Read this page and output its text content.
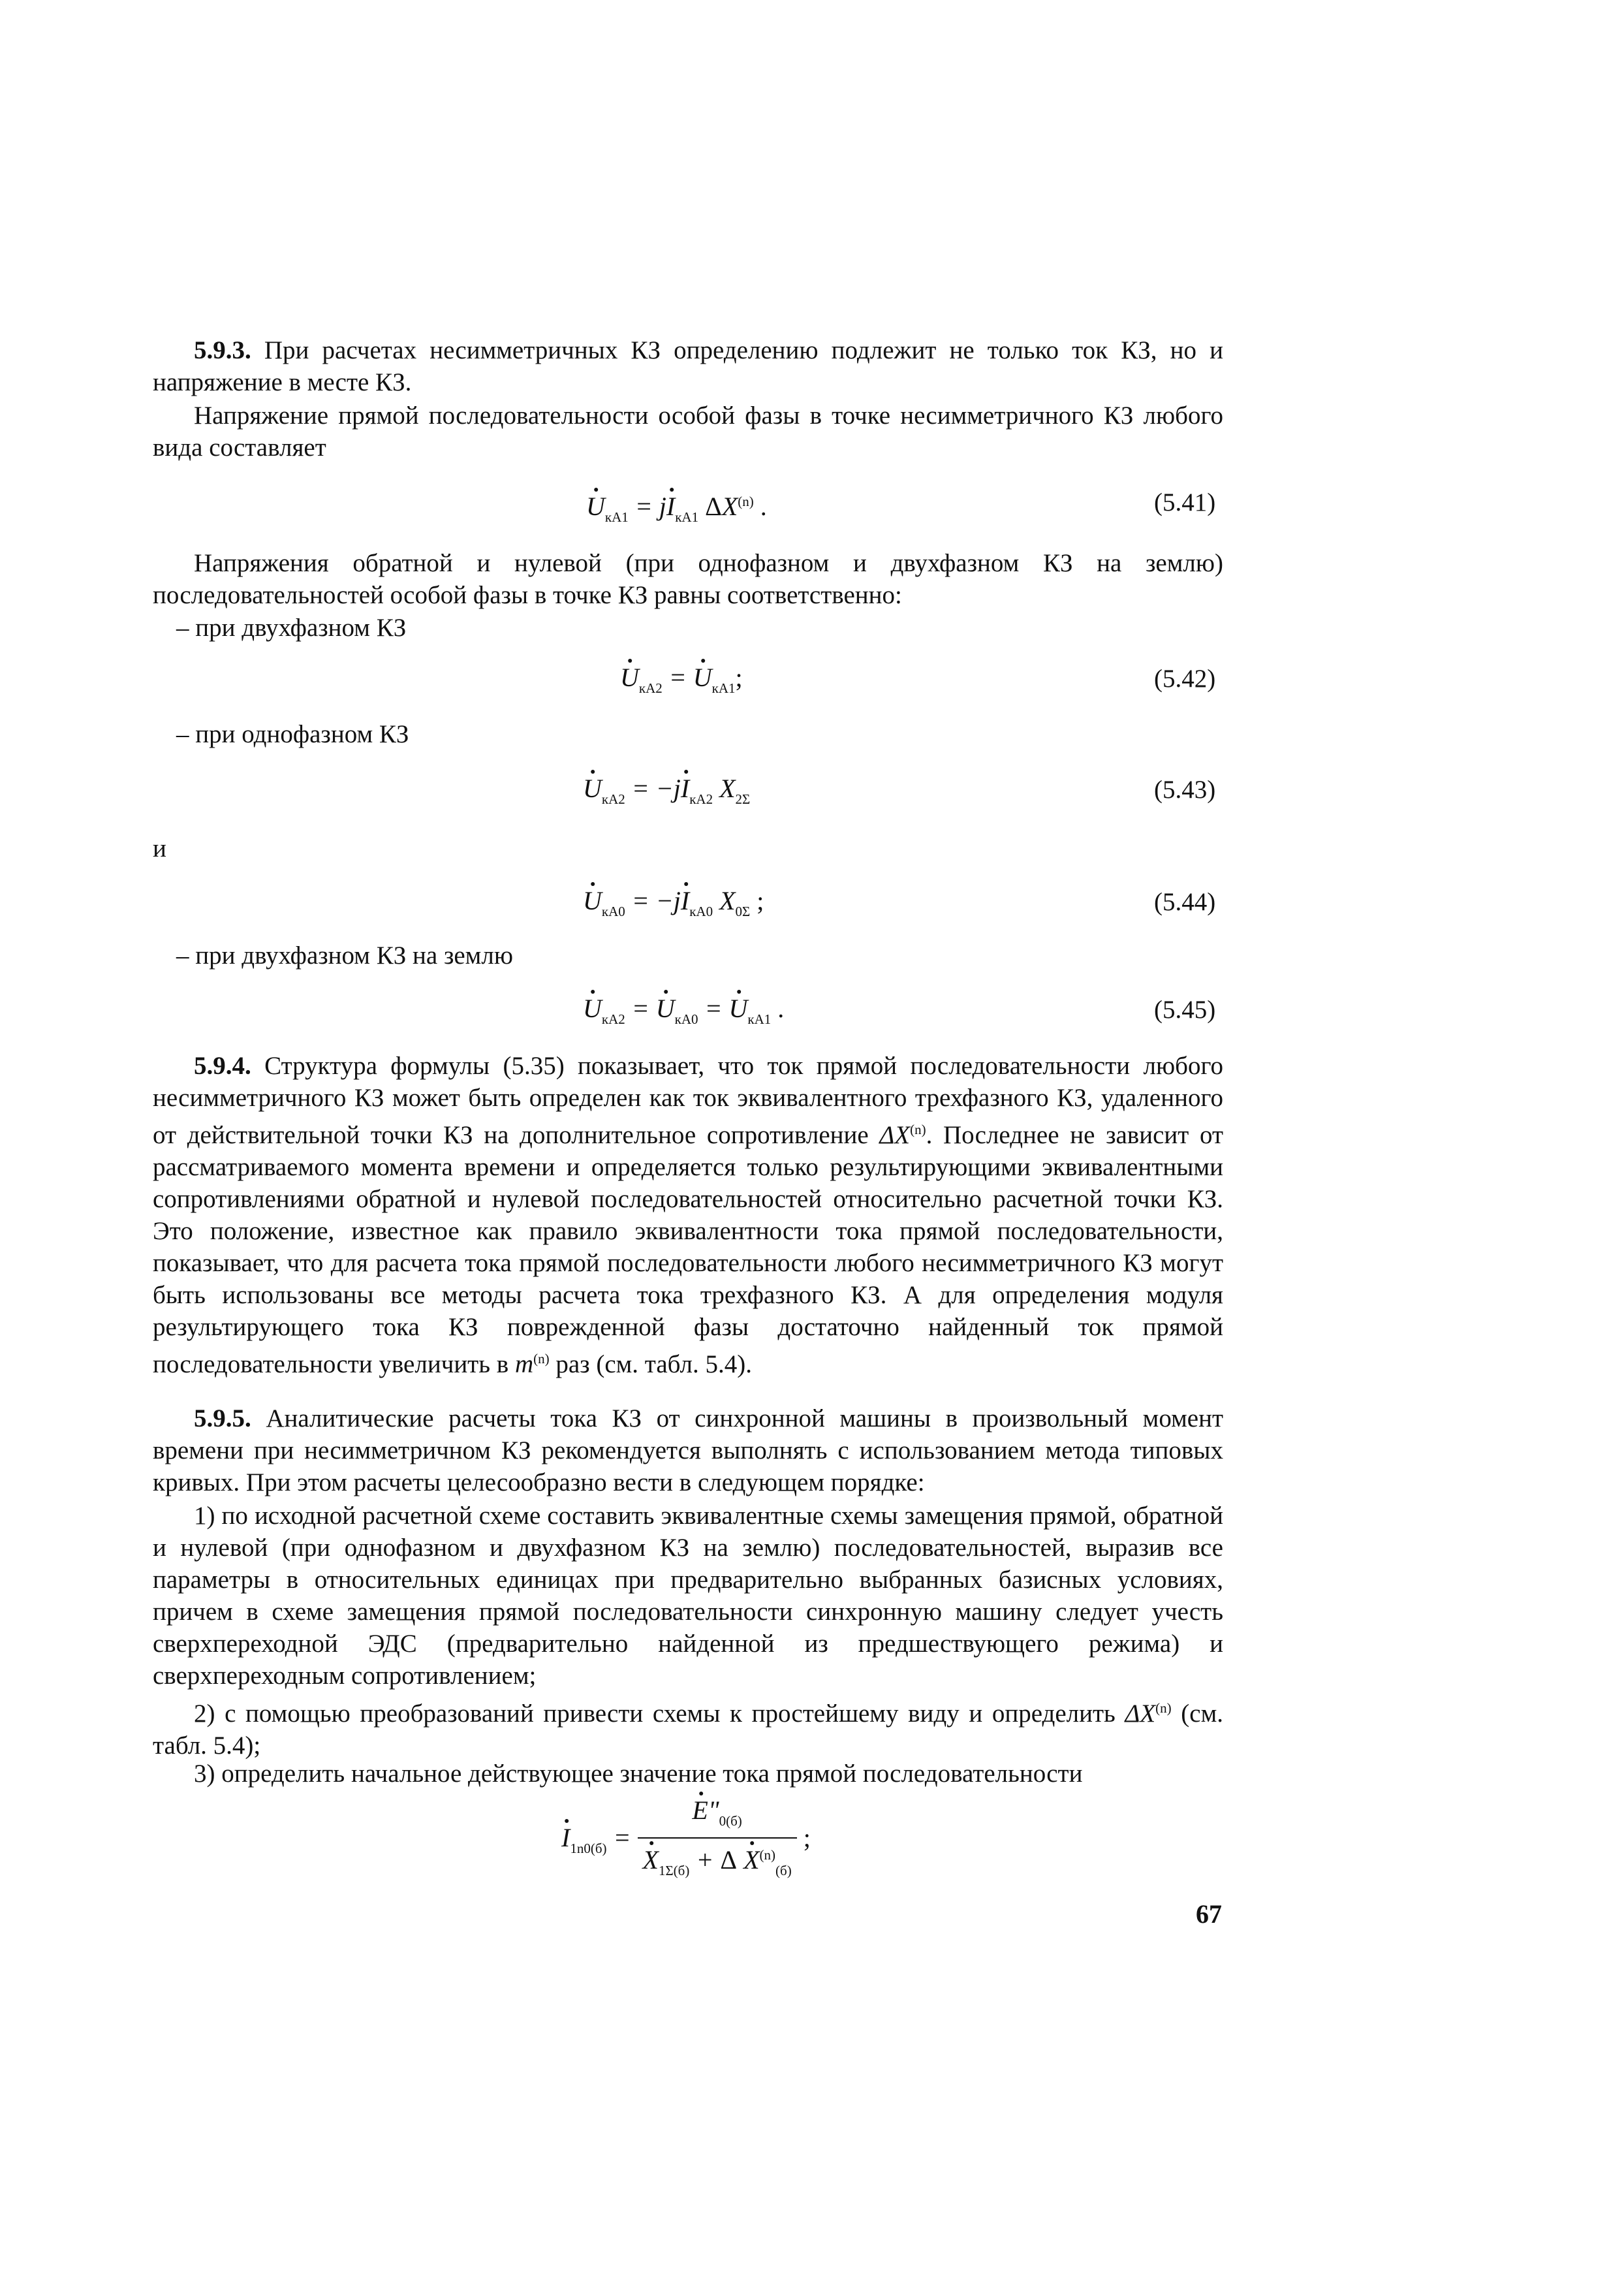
5.9.3. При расчетах несимметричных КЗ определению подлежит не только ток КЗ, но и напряжение в месте КЗ.

Напряжение прямой последовательности особой фазы в точке несимметричного КЗ любого вида составляет

$U_{кА1} = jI_{кА1}$ ΔX$^{(n)}$ .	(5.41)

Напряжения обратной и нулевой (при однофазном и двухфазном КЗ на землю) последовательностей особой фазы в точке КЗ равны соответственно:

– при двухфазном КЗ
$U_{кА2} = U_{кА1}$;	(5.42)
– при однофазном КЗ
$U_{кА2} = -jI_{кА2}$ $X_{2\Sigma}$	(5.43)
и
$U_{кА0} = -jI_{кА0}$ $X_{0\Sigma}$ ;	(5.44)
– при двухфазном КЗ на землю
$U_{кА2} = U_{кА0} = U_{кА1}$ .	(5.45)

5.9.4. Структура формулы (5.35) показывает, что ток прямой последовательности любого несимметричного КЗ может быть определен как ток эквивалентного трехфазного КЗ, удаленного от действительной точки КЗ на дополнительное сопротивление ΔX$^{(n)}$. Последнее не зависит от рассматриваемого момента времени и определяется только результирующими эквивалентными сопротивлениями обратной и нулевой последовательностей относительно расчетной точки КЗ. Это положение, известное как правило эквивалентности тока прямой последовательности, показывает, что для расчета тока прямой последовательности любого несимметричного КЗ могут быть использованы все методы расчета тока трехфазного КЗ. А для определения модуля результирующего тока КЗ поврежденной фазы достаточно найденный ток прямой последовательности увеличить в $m^{(n)}$ раз (см. табл. 5.4).

5.9.5. Аналитические расчеты тока КЗ от синхронной машины в произвольный момент времени при несимметричном КЗ рекомендуется выполнять с использованием метода типовых кривых. При этом расчеты целесообразно вести в следующем порядке:

1) по исходной расчетной схеме составить эквивалентные схемы замещения прямой, обратной и нулевой (при однофазном и двухфазном КЗ на землю) последовательностей, выразив все параметры в относительных единицах при предварительно выбранных базисных условиях, причем в схеме замещения прямой последовательности синхронную машину следует учесть сверхпереходной ЭДС (предварительно найденной из предшествующего режима) и сверхпереходным сопротивлением;

2) с помощью преобразований привести схемы к простейшему виду и определить ΔX$^{(n)}$ (см. табл. 5.4);

3) определить начальное действующее значение тока прямой последовательности

$I_{1n0(б)} = \frac{E"_{0(б)}}{X_{1\Sigma(б)} + \Delta X^{(n)}_{(б)}}$ ;
67
